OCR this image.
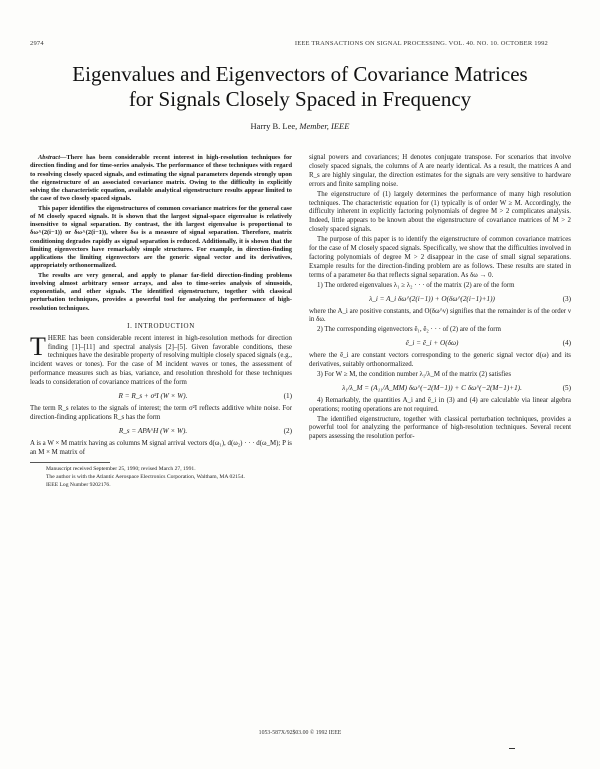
2974	IEEE TRANSACTIONS ON SIGNAL PROCESSING. VOL. 40. NO. 10. OCTOBER 1992
Eigenvalues and Eigenvectors of Covariance Matrices
for Signals Closely Spaced in Frequency
Harry B. Lee, Member, IEEE

Abstract—There has been considerable recent interest in high-resolution techniques for direction finding and for time-series analysis. The performance of these techniques with regard to resolving closely spaced signals, and estimating the signal parameters depends strongly upon the eigenstructure of an associated covariance matrix. Owing to the difficulty in explicitly solving the characteristic equation, available analytical eigenstructure results appear limited to the case of two closely spaced signals.

This paper identifies the eigenstructures of common covariance matrices for the general case of M closely spaced signals. It is shown that the largest signal-space eigenvalue is relatively insensitive to signal separation. By contrast, the ith largest eigenvalue is proportional to δω^(2(i−1)) or δω^(2(i−1)), where δω is a measure of signal separation. Therefore, matrix conditioning degrades rapidly as signal separation is reduced. Additionally, it is shown that the limiting eigenvectors have remarkably simple structures. For example, in direction-finding applications the limiting eigenvectors are the generic signal vector and its derivatives, appropriately orthonormalized.

The results are very general, and apply to planar far-field direction-finding problems involving almost arbitrary sensor arrays, and also to time-series analysis of sinusoids, exponentials, and other signals. The identified eigenstructure, together with classical perturbation techniques, provides a powerful tool for analyzing the performance of high-resolution techniques.

I. INTRODUCTION

THERE has been considerable recent interest in high-resolution methods for direction finding [1]–[11] and spectral analysis [2]–[5]. Given favorable conditions, these techniques have the desirable property of resolving multiple closely spaced signals (e.g., incident waves or tones). For the case of M incident waves or tones, the assessment of performance measures such as bias, variance, and resolution threshold for these techniques leads to consideration of covariance matrices of the form

R = R_s + σ²I (W × W).	(1)

The term R_s relates to the signals of interest; the term σ²I reflects additive white noise. For direction-finding applications R_s has the form

R_s = APA^H (W × W).	(2)

A is a W × M matrix having as columns M signal arrival vectors d(ω₁), d(ω₂) · · · d(ω_M); P is an M × M matrix of

Manuscript received September 25, 1990; revised March 27, 1991.

The author is with the Atlantic Aerospace Electronics Corporation, Waltham, MA 02154.

IEEE Log Number 9202176.

signal powers and covariances; H denotes conjugate transpose. For scenarios that involve closely spaced signals, the columns of A are nearly identical. As a result, the matrices A and R_s are highly singular, the direction estimates for the signals are very sensitive to hardware errors and finite sampling noise.

The eigenstructure of (1) largely determines the performance of many high resolution techniques. The characteristic equation for (1) typically is of order W ≥ M. Accordingly, the difficulty inherent in explicitly factoring polynomials of degree M > 2 complicates analysis. Indeed, little appears to be known about the eigenstructure of covariance matrices of M > 2 closely spaced signals.

The purpose of this paper is to identify the eigenstructure of common covariance matrices for the case of M closely spaced signals. Specifically, we show that the difficulties involved in factoring polynomials of degree M > 2 disappear in the case of small signal separations. Example results for the direction-finding problem are as follows. These results are stated in terms of a parameter δω that reflects signal separation. As δω → 0.

1) The ordered eigenvalues λ₁ ≥ λ₂ · · · of the matrix (2) are of the form

λ_i = A_i δω^(2(i−1)) + O(δω^(2(i−1)+1))	(3)

where the A_i are positive constants, and O(δω^ν) signifies that the remainder is of the order ν in δω.

2) The corresponding eigenvectors ê₁, ê₂ · · · of (2) are of the form

ê_i = ē_i + O(δω)	(4)

where the ē_i are constant vectors corresponding to the generic signal vector d(ω) and its derivatives, suitably orthonormalized.

3) For W ≥ M, the condition number λ₁/λ_M of the matrix (2) satisfies

λ₁/λ_M = (A₁₁/A_MM) δω^(−2(M−1)) + C δω^(−2(M−1)+1).	(5)

4) Remarkably, the quantities A_i and ē_i in (3) and (4) are calculable via linear algebra operations; rooting operations are not required.

The identified eigenstructure, together with classical perturbation techniques, provides a powerful tool for analyzing the performance of high-resolution techniques. Several recent papers assessing the resolution perfor-

1053-587X/92$03.00 © 1992 IEEE
